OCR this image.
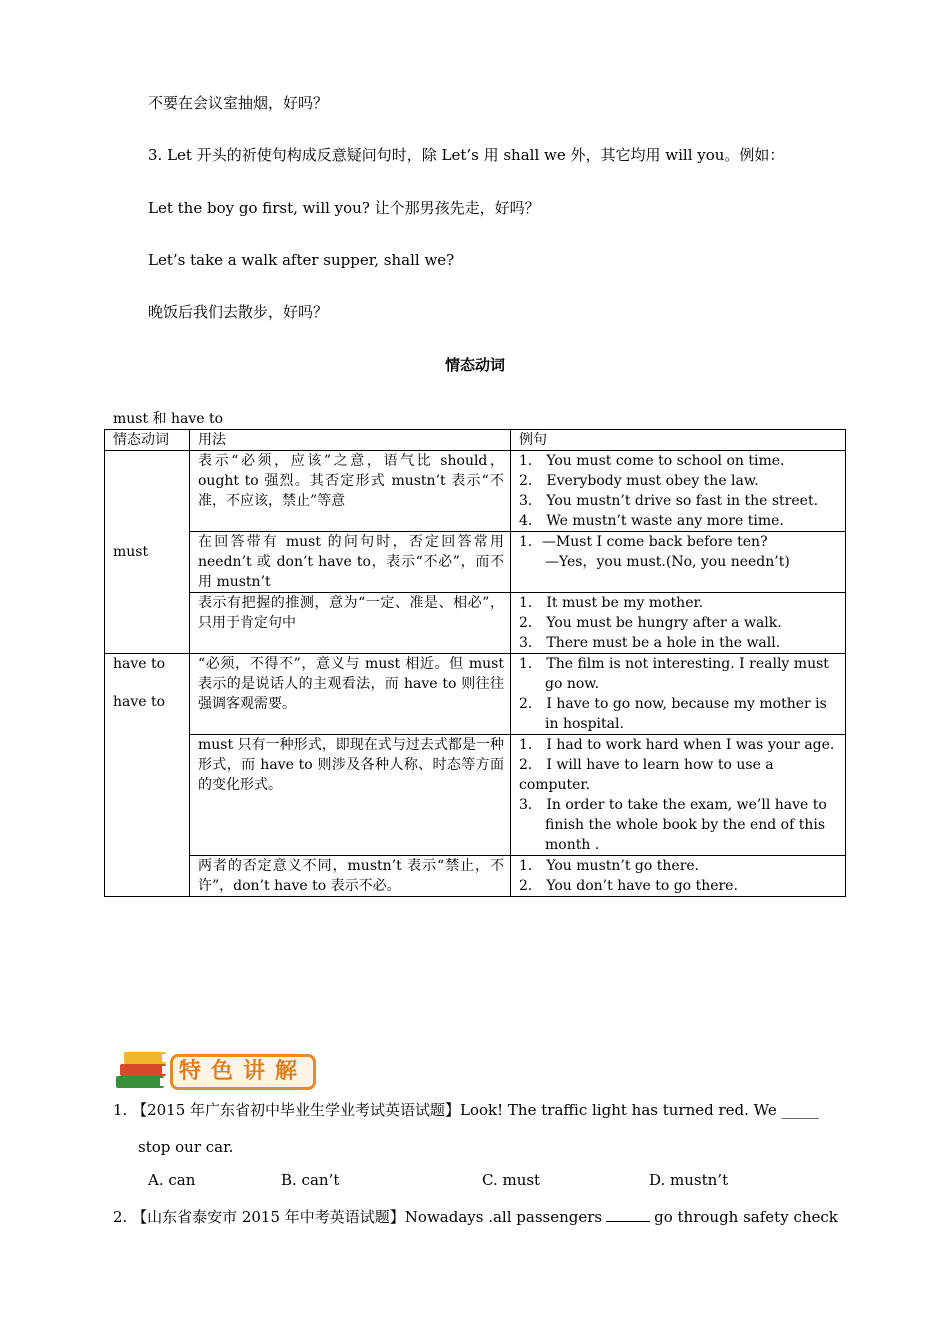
不要在会议室抽烟，好吗？
3. Let 开头的祈使句构成反意疑问句时，除 Let’s 用 shall we 外，其它均用 will you。例如：
Let the boy go first, will you? 让个那男孩先走，好吗？
Let’s take a walk after supper, shall we?
晚饭后我们去散步，好吗？
情态动词
must 和 have to
情态动词	用法	例句
must	表示“必须，应该”之意，语气比 should， ought to 强烈。其否定形式 mustn’t 表示“不准，不应该，禁止”等意	1． You must come to school on time.
2． Everybody must obey the law.
3． You mustn’t drive so fast in the street.
4． We mustn’t waste any more time.

	在回答带有 must 的问句时，否定回答常用 needn’t 或 don’t have to，表示“不必”，而不用 mustn’t	1．—Must I come back before ten?
—Yes，you must.(No, you needn’t)

	表示有把握的推测，意为“一定、准是、相必”，只用于肯定句中	1． It must be my mother.
2． You must be hungry after a walk.
3． There must be a hole in the wall.

have to
have to	“必须，不得不”，意义与 must 相近。但 must 表示的是说话人的主观看法，而 have to 则往往强调客观需要。	1． The film is not interesting. I really must go now.
2． I have to go now, because my mother is in hospital.

	must 只有一种形式，即现在式与过去式都是一种形式，而 have to 则涉及各种人称、时态等方面的变化形式。	1． I had to work hard when I was your age.
2． I will have to learn how to use a computer.
3． In order to take the exam, we’ll have to finish the whole book by the end of this month .

	两者的否定意义不同，mustn’t 表示“禁止，不许”，don’t have to 表示不必。	1． You mustn’t go there.
2． You don’t have to go there.
特色讲解
1. 【2015 年广东省初中毕业生学业考试英语试题】Look! The traffic light has turned red. We _____
stop our car.
A. can	B. can’t	C. must	D. mustn’t
2. 【山东省泰安市 2015 年中考英语试题】Nowadays .all passengers	go through safety check
